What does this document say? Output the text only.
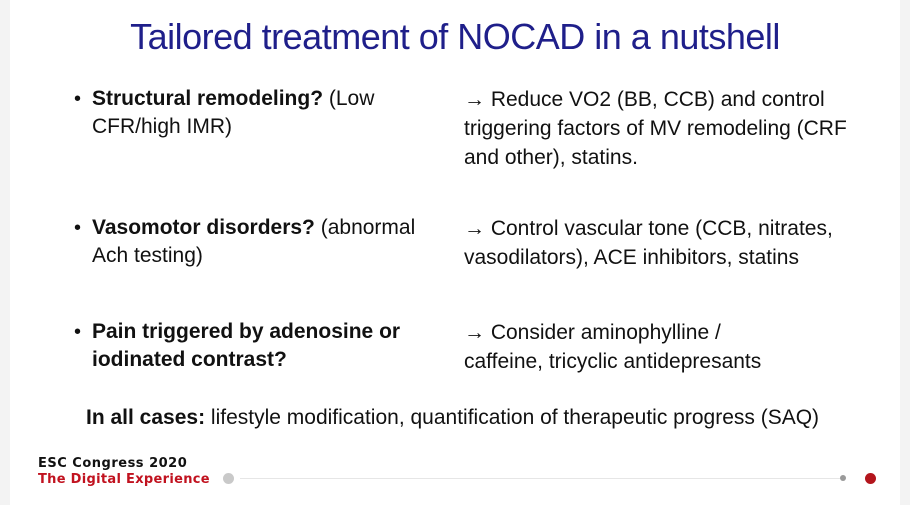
Tailored treatment of NOCAD in a nutshell
• Structural remodeling? (Low CFR/high IMR)
→ Reduce VO2 (BB, CCB) and control triggering factors of MV remodeling (CRF and other), statins.
• Vasomotor disorders? (abnormal Ach testing)
→ Control vascular tone (CCB, nitrates, vasodilators), ACE inhibitors, statins
• Pain triggered by adenosine or iodinated contrast?
→ Consider aminophylline / caffeine, tricyclic antidepresants
In all cases: lifestyle modification, quantification of therapeutic progress (SAQ)
ESC Congress 2020
The Digital Experience
